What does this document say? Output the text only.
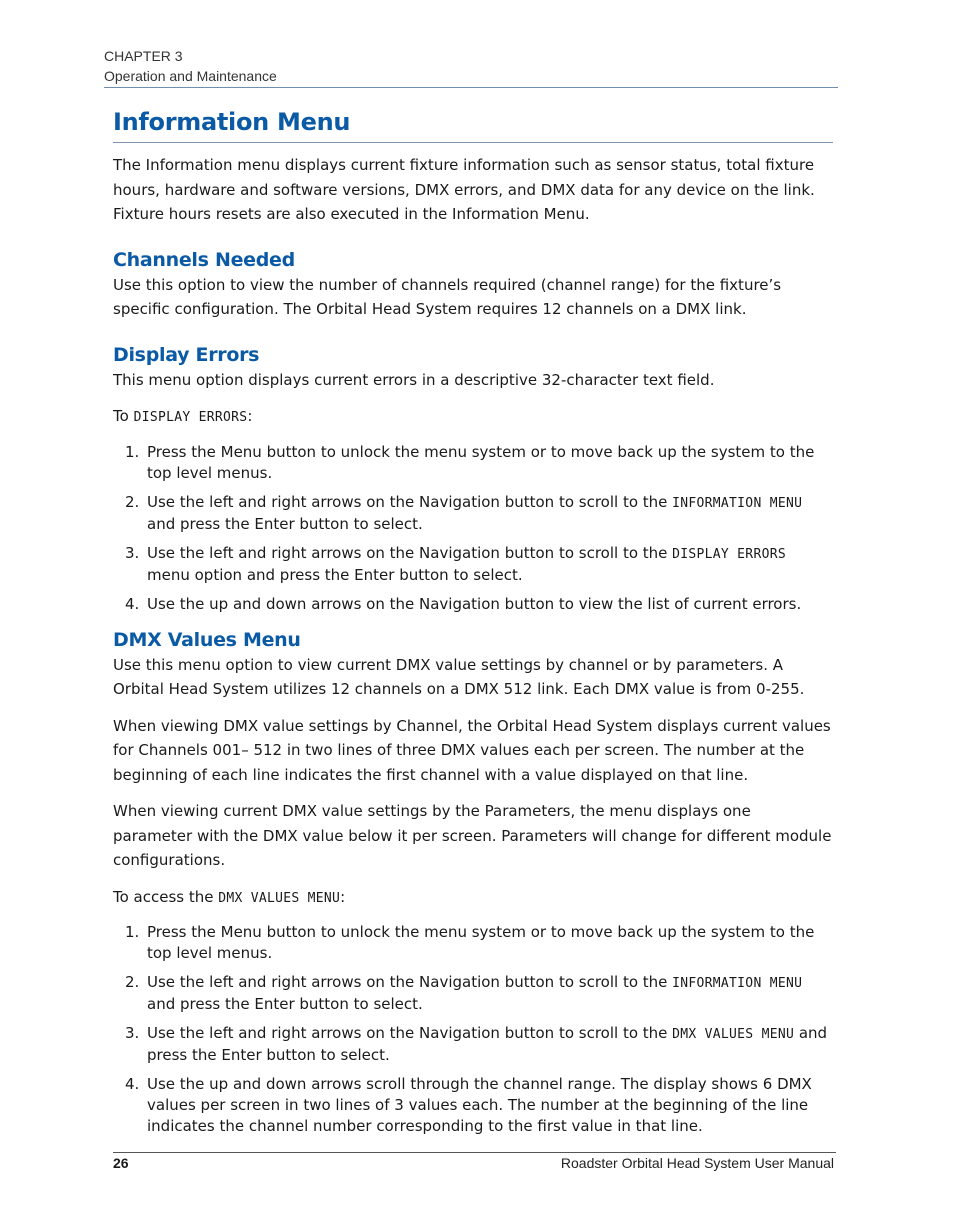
CHAPTER 3
Operation and Maintenance
Information Menu

The Information menu displays current fixture information such as sensor status, total fixture hours, hardware and software versions, DMX errors, and DMX data for any device on the link. Fixture hours resets are also executed in the Information Menu.

Channels Needed

Use this option to view the number of channels required (channel range) for the fixture’s specific configuration. The Orbital Head System requires 12 channels on a DMX link.

Display Errors

This menu option displays current errors in a descriptive 32-character text field.

To DISPLAY ERRORS:

1. Press the Menu button to unlock the menu system or to move back up the system to the top level menus.
2. Use the left and right arrows on the Navigation button to scroll to the INFORMATION MENU and press the Enter button to select.
3. Use the left and right arrows on the Navigation button to scroll to the DISPLAY ERRORS menu option and press the Enter button to select.
4. Use the up and down arrows on the Navigation button to view the list of current errors.
DMX Values Menu

Use this menu option to view current DMX value settings by channel or by parameters. A Orbital Head System utilizes 12 channels on a DMX 512 link. Each DMX value is from 0-255.

When viewing DMX value settings by Channel, the Orbital Head System displays current values for Channels 001– 512 in two lines of three DMX values each per screen. The number at the beginning of each line indicates the first channel with a value displayed on that line.

When viewing current DMX value settings by the Parameters, the menu displays one parameter with the DMX value below it per screen. Parameters will change for different module configurations.

To access the DMX VALUES MENU:

1. Press the Menu button to unlock the menu system or to move back up the system to the top level menus.
2. Use the left and right arrows on the Navigation button to scroll to the INFORMATION MENU and press the Enter button to select.
3. Use the left and right arrows on the Navigation button to scroll to the DMX VALUES MENU and press the Enter button to select.
4. Use the up and down arrows scroll through the channel range. The display shows 6 DMX values per screen in two lines of 3 values each. The number at the beginning of the line indicates the channel number corresponding to the first value in that line.
26	Roadster Orbital Head System User Manual
